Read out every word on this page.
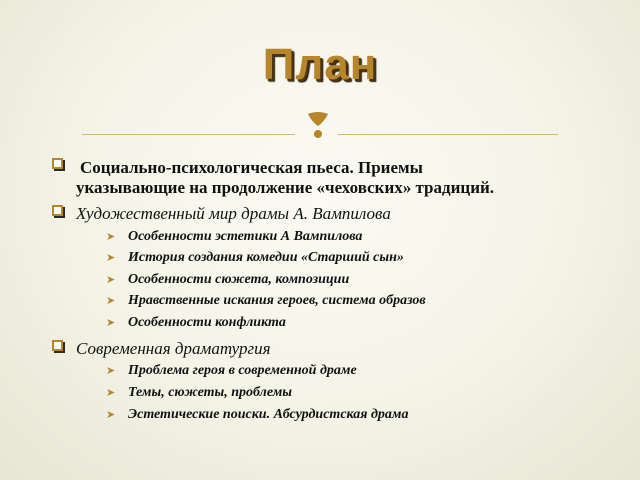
План
Социально-психологическая пьеса. Приемы
указывающие на продолжение «чеховских» традиций.
Художественный мир драмы А. Вампилова
➤ Особенности эстетики А Вампилова
➤ История создания комедии «Старший сын»
➤ Особенности сюжета, композиции
➤ Нравственные искания героев, система образов
➤ Особенности конфликта
Современная драматургия
➤ Проблема героя в современной драме
➤ Темы, сюжеты, проблемы
➤ Эстетические поиски. Абсурдистская драма
